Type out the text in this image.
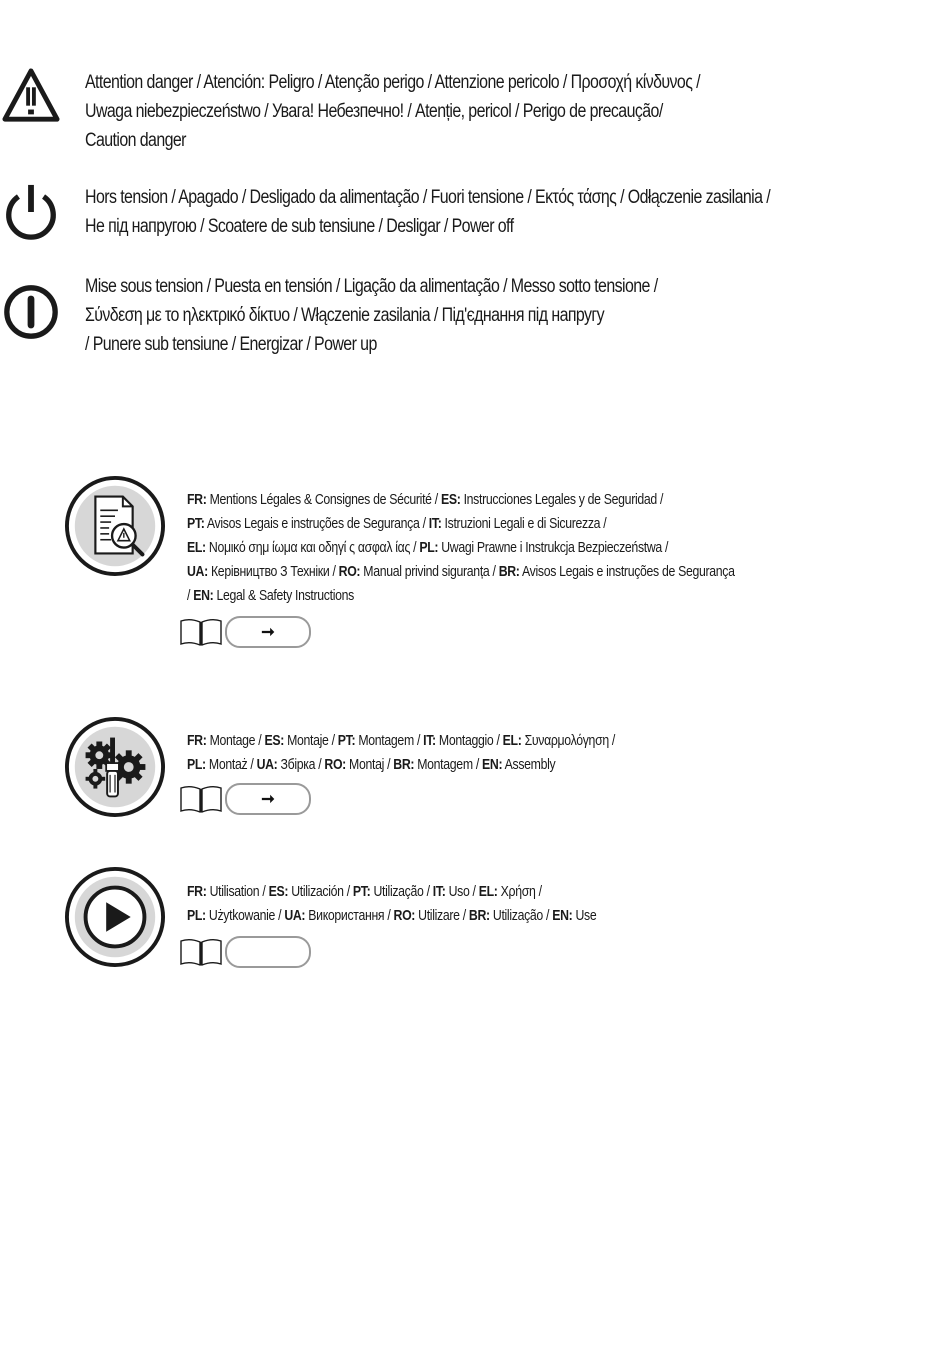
Attention danger / Atención: Peligro / Atenção perigo / Attenzione pericolo / Προσοχή κίνδυνος /
Uwaga niebezpieczeństwo / Увага! Небезпечно! / Atenție, pericol / Perigo de precaução/
Caution danger
Hors tension / Apagado / Desligado da alimentação / Fuori tensione / Εκτός τάσης / Odłączenie zasilania /
Не під напругою / Scoatere de sub tensiune / Desligar / Power off
Mise sous tension / Puesta en tensión / Ligação da alimentação / Messo sotto tensione /
Σύνδεση με το ηλεκτρικό δίκτυο / Włączenie zasilania / Під'єднання під напругу
/ Punere sub tensiune / Energizar / Power up
FR: Mentions Légales & Consignes de Sécurité / ES: Instrucciones Legales y de Seguridad /
PT: Avisos Legais e instruções de Segurança / IT: Istruzioni Legali e di Sicurezza /
EL: Νομικό σημ ίωμα και οδηγί ς ασφαλ ίας / PL: Uwagi Prawne i Instrukcja Bezpieczeństwa /
UA: Керівництво З Техніки / RO: Manual privind siguranța / BR: Avisos Legais e instruções de Segurança
/ EN: Legal & Safety Instructions
➞
FR: Montage / ES: Montaje / PT: Montagem / IT: Montaggio / EL: Συναρμολόγηση /
PL: Montaż / UA: Збірка / RO: Montaj / BR: Montagem / EN: Assembly
➞
FR: Utilisation / ES: Utilización / PT: Utilização / IT: Uso / EL: Χρήση /
PL: Użytkowanie / UA: Використання / RO: Utilizare / BR: Utilização / EN: Use
